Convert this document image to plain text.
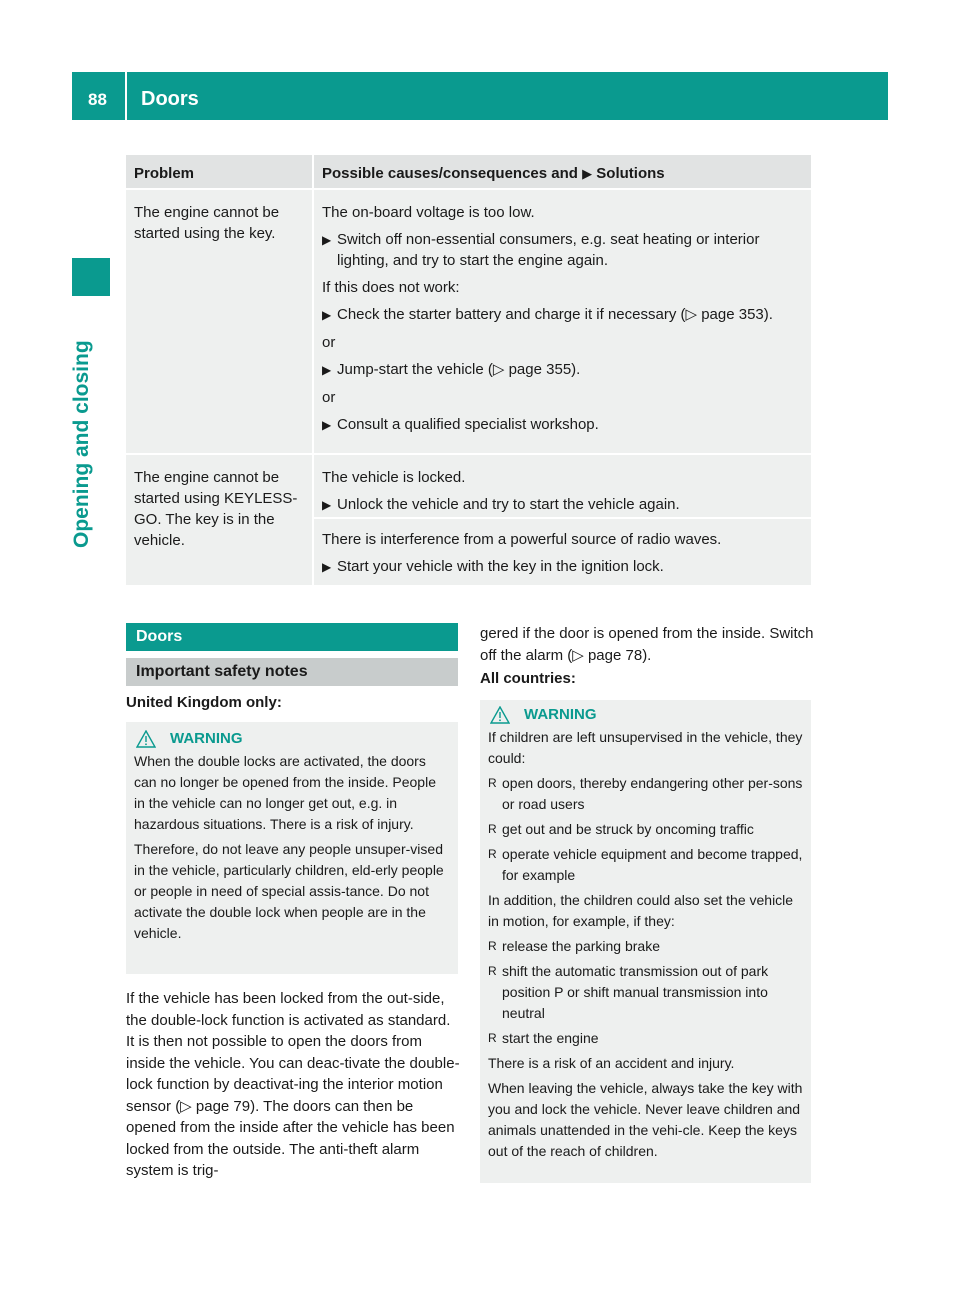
88	Doors
Opening and closing
Problem	Possible causes/consequences and ▶ Solutions
The engine cannot be started using the key.

The on-board voltage is too low.

▶ Switch off non-essential consumers, e.g. seat heating or interior lighting, and try to start the engine again.

If this does not work:

▶ Check the starter battery and charge it if necessary (▷ page 353).

or

▶ Jump-start the vehicle (▷ page 355).

or

▶ Consult a qualified specialist workshop.
The engine cannot be started using KEYLESS-GO. The key is in the vehicle.

The vehicle is locked.

▶ Unlock the vehicle and try to start the vehicle again.

There is interference from a powerful source of radio waves.

▶ Start your vehicle with the key in the ignition lock.
Doors
Important safety notes
United Kingdom only:
WARNING

When the double locks are activated, the doors can no longer be opened from the inside. People in the vehicle can no longer get out, e.g. in hazardous situations. There is a risk of injury.

Therefore, do not leave any people unsuper-vised in the vehicle, particularly children, eld-erly people or people in need of special assis-tance. Do not activate the double lock when people are in the vehicle.

If the vehicle has been locked from the out-side, the double-lock function is activated as standard. It is then not possible to open the doors from inside the vehicle. You can deac-tivate the double-lock function by deactivat-ing the interior motion sensor (▷ page 79). The doors can then be opened from the inside after the vehicle has been locked from the outside. The anti-theft alarm system is trig-
gered if the door is opened from the inside. Switch off the alarm (▷ page 78).
All countries:
WARNING

If children are left unsupervised in the vehicle, they could:

R open doors, thereby endangering other per-sons or road users
R get out and be struck by oncoming traffic
R operate vehicle equipment and become trapped, for example

In addition, the children could also set the vehicle in motion, for example, if they:

R release the parking brake
R shift the automatic transmission out of park position P or shift manual transmission into neutral
R start the engine

There is a risk of an accident and injury.

When leaving the vehicle, always take the key with you and lock the vehicle. Never leave children and animals unattended in the vehi-cle. Keep the keys out of the reach of children.
